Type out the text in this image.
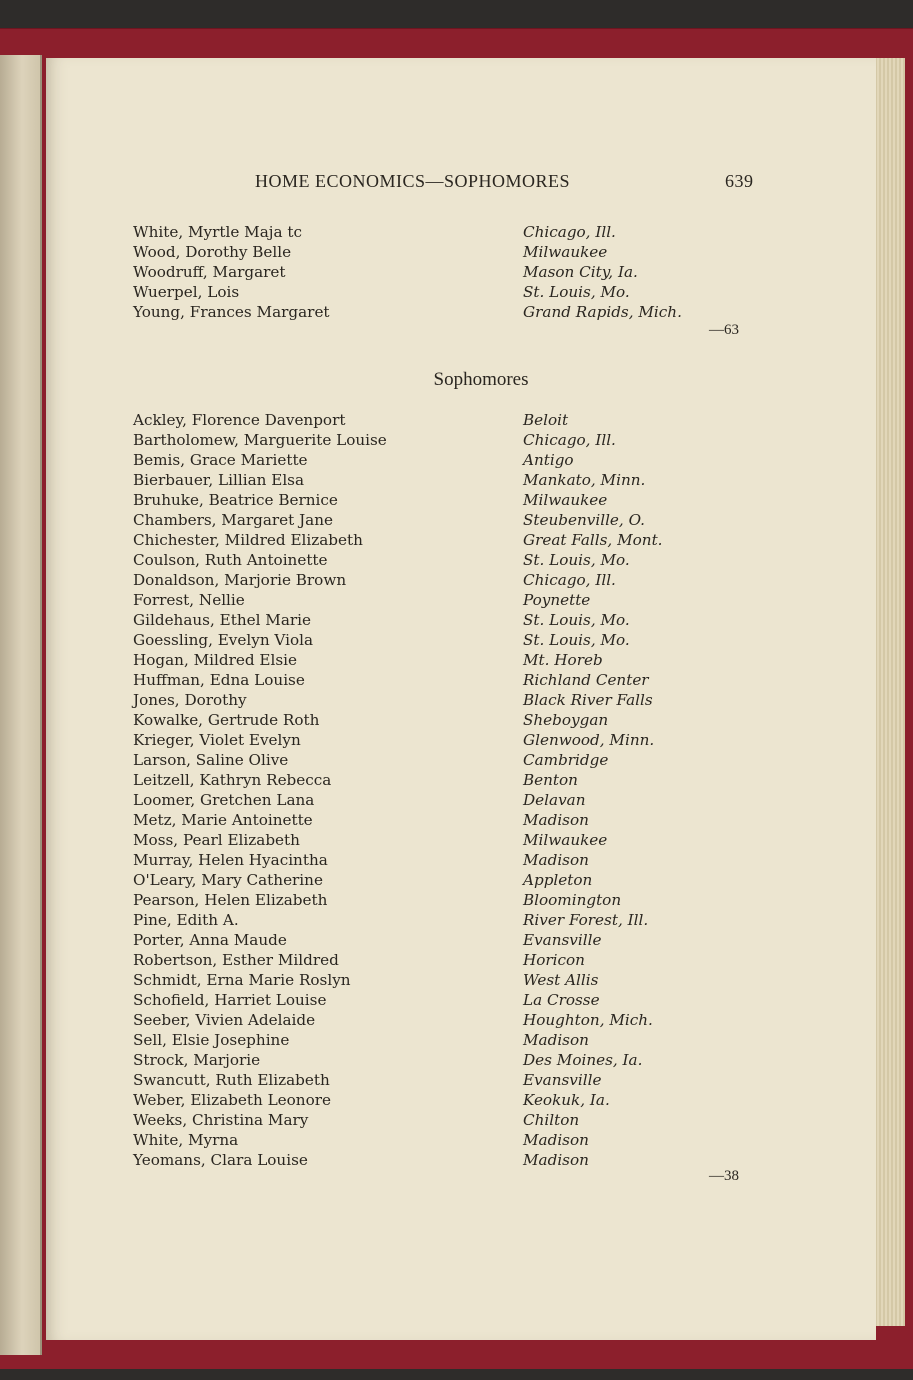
HOME ECONOMICS—SOPHOMORES	639
White, Myrtle Maja tc	Chicago, Ill.
Wood, Dorothy Belle	Milwaukee
Woodruff, Margaret	Mason City, Ia.
Wuerpel, Lois	St. Louis, Mo.
Young, Frances Margaret	Grand Rapids, Mich.
—63
Sophomores
Ackley, Florence Davenport	Beloit
Bartholomew, Marguerite Louise	Chicago, Ill.
Bemis, Grace Mariette	Antigo
Bierbauer, Lillian Elsa	Mankato, Minn.
Bruhuke, Beatrice Bernice	Milwaukee
Chambers, Margaret Jane	Steubenville, O.
Chichester, Mildred Elizabeth	Great Falls, Mont.
Coulson, Ruth Antoinette	St. Louis, Mo.
Donaldson, Marjorie Brown	Chicago, Ill.
Forrest, Nellie	Poynette
Gildehaus, Ethel Marie	St. Louis, Mo.
Goessling, Evelyn Viola	St. Louis, Mo.
Hogan, Mildred Elsie	Mt. Horeb
Huffman, Edna Louise	Richland Center
Jones, Dorothy	Black River Falls
Kowalke, Gertrude Roth	Sheboygan
Krieger, Violet Evelyn	Glenwood, Minn.
Larson, Saline Olive	Cambridge
Leitzell, Kathryn Rebecca	Benton
Loomer, Gretchen Lana	Delavan
Metz, Marie Antoinette	Madison
Moss, Pearl Elizabeth	Milwaukee
Murray, Helen Hyacintha	Madison
O'Leary, Mary Catherine	Appleton
Pearson, Helen Elizabeth	Bloomington
Pine, Edith A.	River Forest, Ill.
Porter, Anna Maude	Evansville
Robertson, Esther Mildred	Horicon
Schmidt, Erna Marie Roslyn	West Allis
Schofield, Harriet Louise	La Crosse
Seeber, Vivien Adelaide	Houghton, Mich.
Sell, Elsie Josephine	Madison
Strock, Marjorie	Des Moines, Ia.
Swancutt, Ruth Elizabeth	Evansville
Weber, Elizabeth Leonore	Keokuk, Ia.
Weeks, Christina Mary	Chilton
White, Myrna	Madison
Yeomans, Clara Louise	Madison
—38
